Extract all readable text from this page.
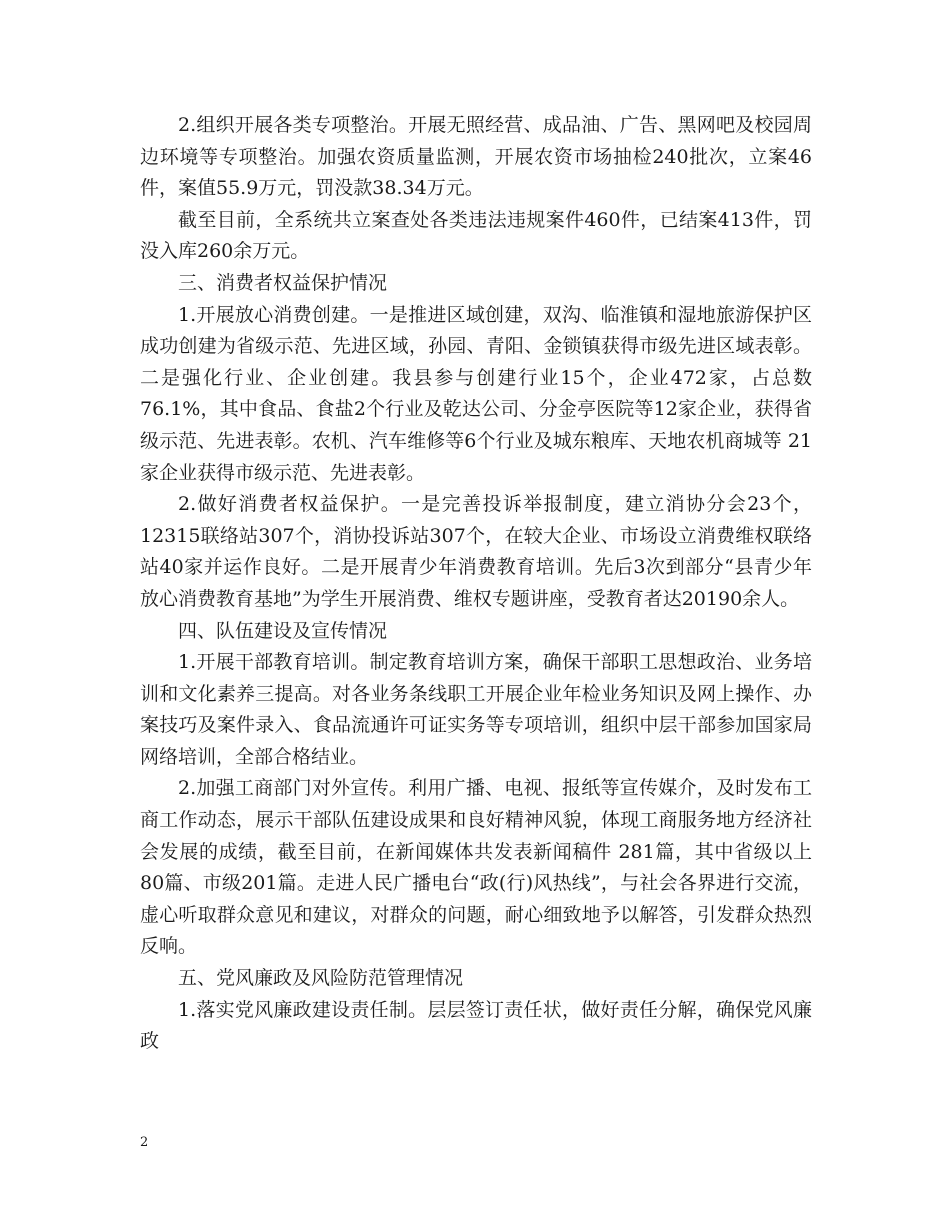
2.组织开展各类专项整治。开展无照经营、成品油、广告、黑网吧及校园周边环境等专项整治。加强农资质量监测，开展农资市场抽检240批次，立案46件，案值55.9万元，罚没款38.34万元。

截至目前，全系统共立案查处各类违法违规案件460件，已结案413件，罚没入库260余万元。

三、消费者权益保护情况

1.开展放心消费创建。一是推进区域创建，双沟、临淮镇和湿地旅游保护区成功创建为省级示范、先进区域，孙园、青阳、金锁镇获得市级先进区域表彰。二是强化行业、企业创建。我县参与创建行业15个，企业472家，占总数 76.1%，其中食品、食盐2个行业及乾达公司、分金亭医院等12家企业，获得省级示范、先进表彰。农机、汽车维修等6个行业及城东粮库、天地农机商城等 21家企业获得市级示范、先进表彰。

2.做好消费者权益保护。一是完善投诉举报制度，建立消协分会23个，12315联络站307个，消协投诉站307个，在较大企业、市场设立消费维权联络站40家并运作良好。二是开展青少年消费教育培训。先后3次到部分“县青少年放心消费教育基地”为学生开展消费、维权专题讲座，受教育者达20190余人。

四、队伍建设及宣传情况

1.开展干部教育培训。制定教育培训方案，确保干部职工思想政治、业务培训和文化素养三提高。对各业务条线职工开展企业年检业务知识及网上操作、办案技巧及案件录入、食品流通许可证实务等专项培训，组织中层干部参加国家局网络培训，全部合格结业。

2.加强工商部门对外宣传。利用广播、电视、报纸等宣传媒介，及时发布工商工作动态，展示干部队伍建设成果和良好精神风貌，体现工商服务地方经济社会发展的成绩，截至目前，在新闻媒体共发表新闻稿件 281篇，其中省级以上80篇、市级201篇。走进人民广播电台“政(行)风热线”，与社会各界进行交流，虚心听取群众意见和建议，对群众的问题，耐心细致地予以解答，引发群众热烈反响。

五、党风廉政及风险防范管理情况

1.落实党风廉政建设责任制。层层签订责任状，做好责任分解，确保党风廉政

2
